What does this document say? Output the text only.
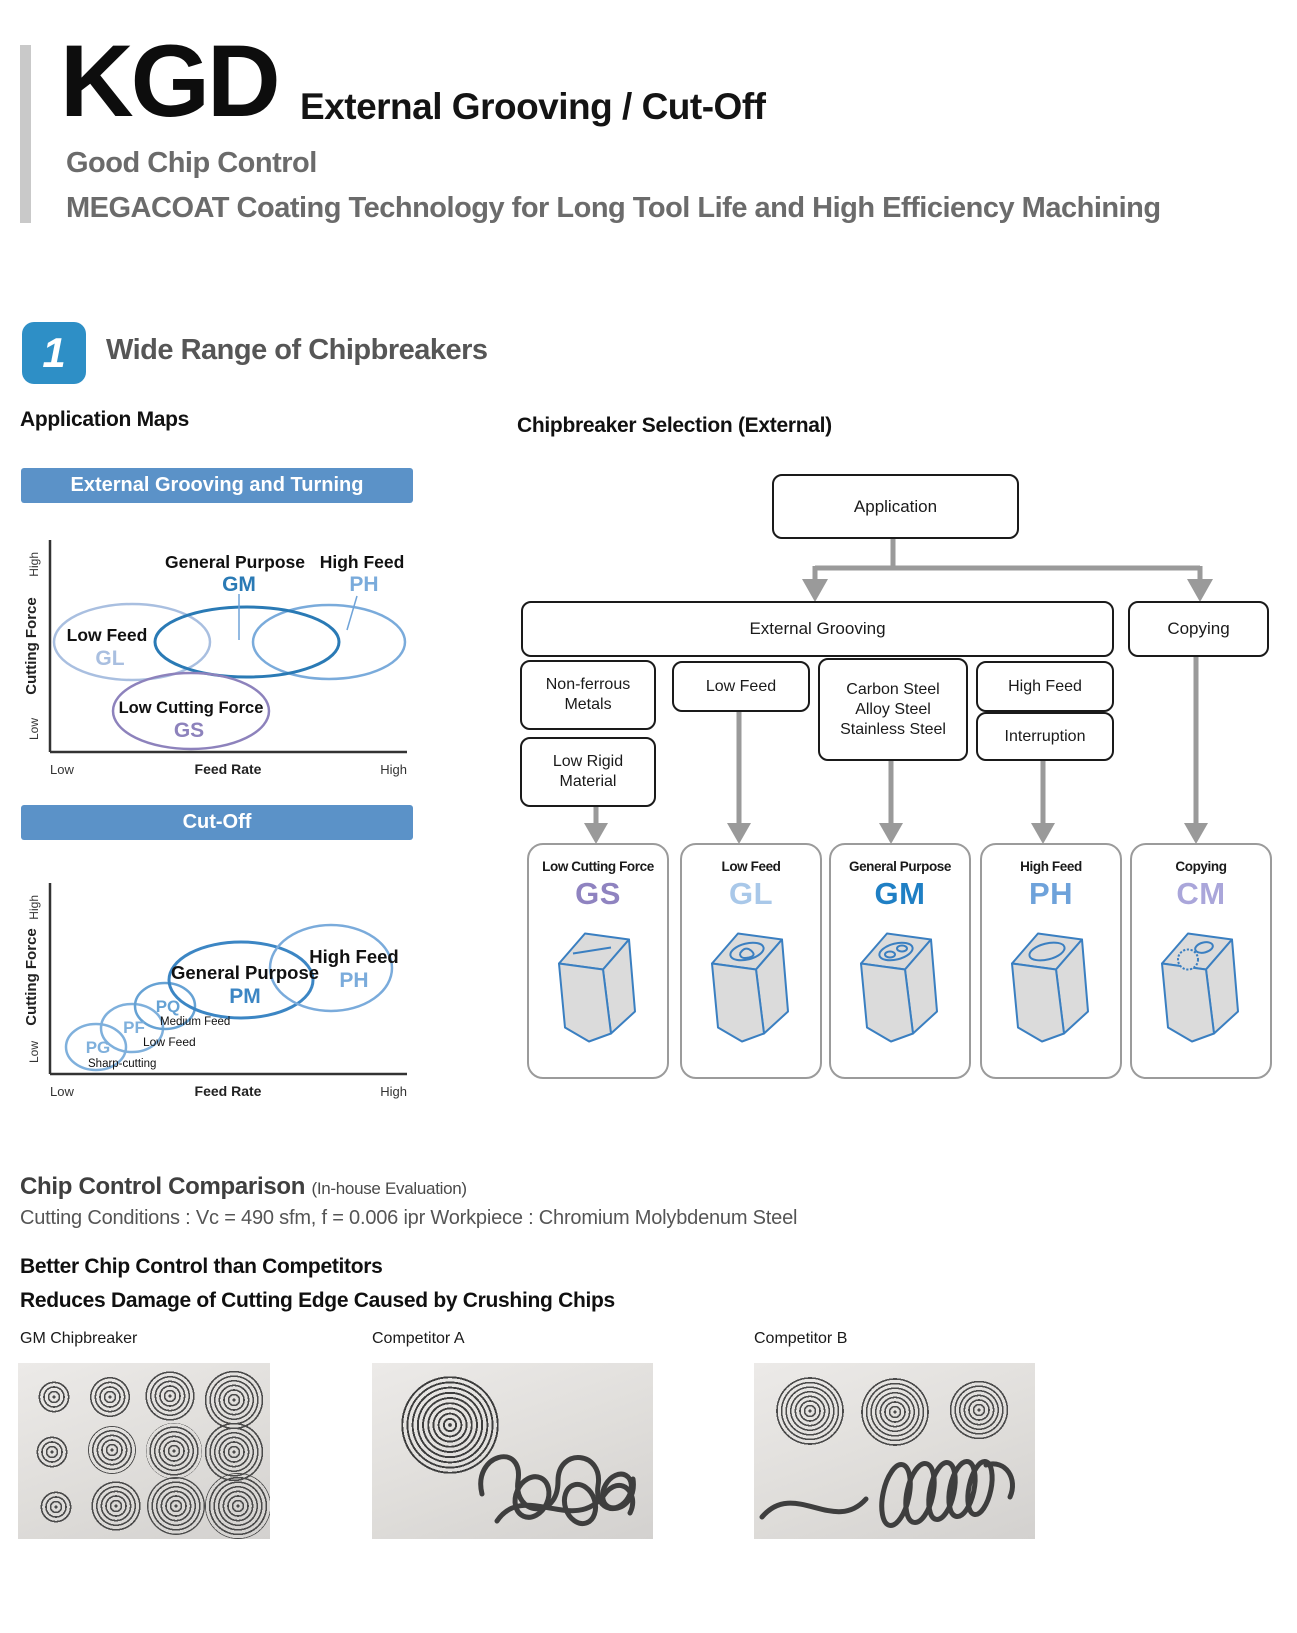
KGD External Grooving / Cut-Off
Good Chip Control
MEGACOAT Coating Technology for Long Tool Life and High Efficiency Machining
1	Wide Range of Chipbreakers
Application Maps	Chipbreaker Selection (External)
External Grooving and Turning
General Purpose
GM
High Feed
PH
Low Feed
GL
Low Cutting Force
GS
High
Cutting Force
Low
Low	Feed Rate	High
Cut-Off
General Purpose
PM
High Feed
PH
PQ
Medium Feed
PF
Low Feed
PG
Sharp-cutting
High
Cutting Force
Low
Low	Feed Rate	High
Application
External Grooving	Copying
Non-ferrous Metals
Low Feed	Carbon Steel
Alloy Steel
Stainless Steel
High Feed
Interruption
Low Rigid Material
Low Cutting Force
GS
Low Feed
GL
General Purpose
GM
High Feed
PH
Copying
CM
Chip Control Comparison (In-house Evaluation)
Cutting Conditions : Vc = 490 sfm, f = 0.006 ipr Workpiece : Chromium Molybdenum Steel
Better Chip Control than Competitors
Reduces Damage of Cutting Edge Caused by Crushing Chips
GM Chipbreaker	Competitor A	Competitor B
